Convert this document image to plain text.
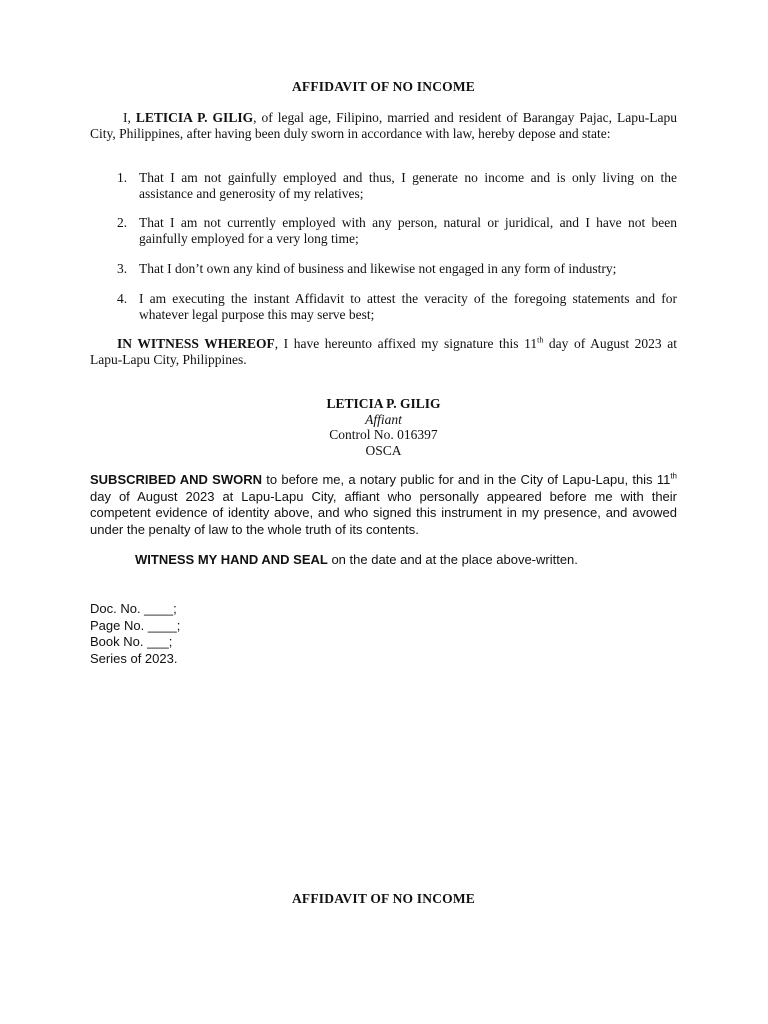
AFFIDAVIT OF NO INCOME

I, LETICIA P. GILIG, of legal age, Filipino, married and resident of Barangay Pajac, Lapu-Lapu City, Philippines, after having been duly sworn in accordance with law, hereby depose and state:

1. That I am not gainfully employed and thus, I generate no income and is only living on the assistance and generosity of my relatives;
2. That I am not currently employed with any person, natural or juridical, and I have not been gainfully employed for a very long time;
3. That I don’t own any kind of business and likewise not engaged in any form of industry;
4. I am executing the instant Affidavit to attest the veracity of the foregoing statements and for whatever legal purpose this may serve best;

IN WITNESS WHEREOF, I have hereunto affixed my signature this 11th day of August 2023 at Lapu-Lapu City, Philippines.

LETICIA P. GILIG
Affiant
Control No. 016397
OSCA

SUBSCRIBED AND SWORN to before me, a notary public for and in the City of Lapu-Lapu, this 11th day of August 2023 at Lapu-Lapu City, affiant who personally appeared before me with their competent evidence of identity above, and who signed this instrument in my presence, and avowed under the penalty of law to the whole truth of its contents.

WITNESS MY HAND AND SEAL on the date and at the place above-written.

Doc. No. ____;
Page No. ____;
Book No. ___;
Series of 2023.
AFFIDAVIT OF NO INCOME
